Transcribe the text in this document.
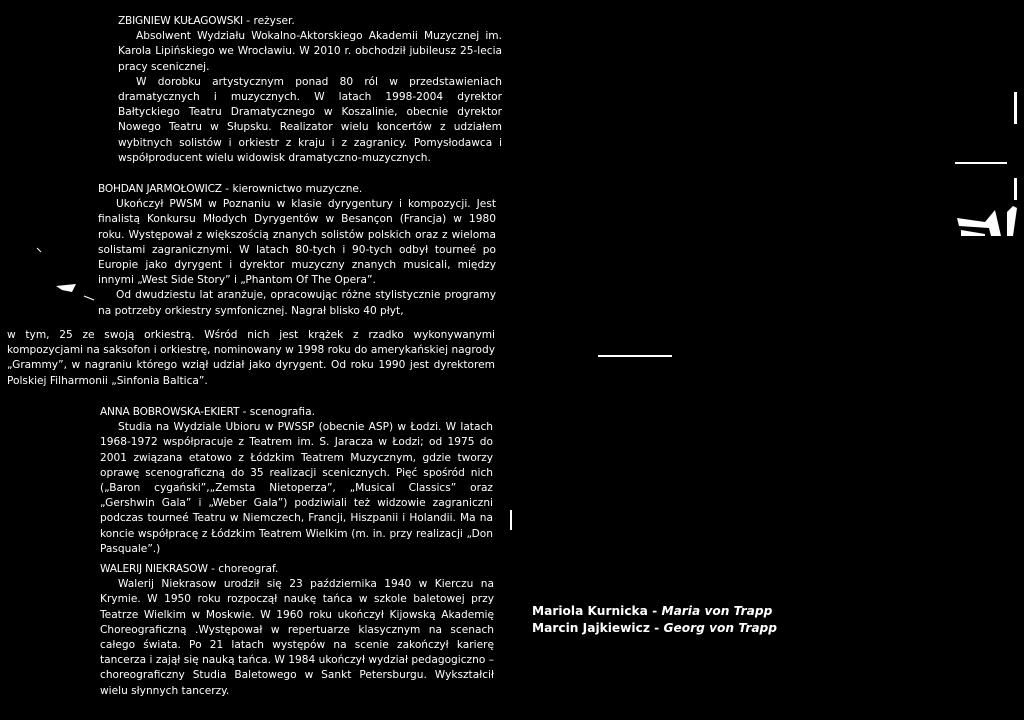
ZBIGNIEW KUŁAGOWSKI - reżyser.

Absolwent Wydziału Wokalno-Aktorskiego Akademii Muzycznej im. Karola Lipińskiego we Wrocławiu. W 2010 r. obchodził jubileusz 25-lecia pracy scenicznej.

W dorobku artystycznym ponad 80 ról w przedstawieniach dramatycznych i muzycznych. W latach 1998-2004 dyrektor Bałtyckiego Teatru Dramatycznego w Koszalinie, obecnie dyrektor Nowego Teatru w Słupsku. Realizator wielu koncertów z udziałem wybitnych solistów i orkiestr z kraju i z zagranicy. Pomysłodawca i współproducent wielu widowisk dramatyczno-muzycznych.

BOHDAN JARMOŁOWICZ - kierownictwo muzyczne.

Ukończył PWSM w Poznaniu w klasie dyrygentury i kompozycji. Jest finalistą Konkursu Młodych Dyrygentów w Besançon (Francja) w 1980 roku. Występował z większością znanych solistów polskich oraz z wieloma solistami zagranicznymi. W latach 80-tych i 90-tych odbył tourneé po Europie jako dyrygent i dyrektor muzyczny znanych musicali, między innymi „West Side Story” i „Phantom Of The Opera”.

Od dwudziestu lat aranżuje, opracowując różne stylistycznie programy na potrzeby orkiestry symfonicznej. Nagrał blisko 40 płyt,

w tym, 25 ze swoją orkiestrą. Wśród nich jest krążek z rzadko wykonywanymi kompozycjami na saksofon i orkiestrę, nominowany w 1998 roku do amerykańskiej nagrody „Grammy”, w nagraniu którego wziął udział jako dyrygent. Od roku 1990 jest dyrektorem Polskiej Filharmonii „Sinfonia Baltica”.

ANNA BOBROWSKA-EKIERT - scenografia.

Studia na Wydziale Ubioru w PWSSP (obecnie ASP) w Łodzi. W latach 1968-1972 współpracuje z Teatrem im. S. Jaracza w Łodzi; od 1975 do 2001 związana etatowo z Łódzkim Teatrem Muzycznym, gdzie tworzy oprawę scenograficzną do 35 realizacji scenicznych. Pięć spośród nich („Baron cygański”,„Zemsta Nietoperza”, „Musical Classics” oraz „Gershwin Gala” i „Weber Gala”) podziwiali też widzowie zagraniczni podczas tourneé Teatru w Niemczech, Francji, Hiszpanii i Holandii. Ma na koncie współpracę z Łódzkim Teatrem Wielkim (m. in. przy realizacji „Don Pasquale”.)

WALERIJ NIEKRASOW - choreograf.

Walerij Niekrasow urodził się 23 października 1940 w Kierczu na Krymie. W 1950 roku rozpoczął naukę tańca w szkole baletowej przy Teatrze Wielkim w Moskwie. W 1960 roku ukończył Kijowską Akademię Choreograficzną .Występował w repertuarze klasycznym na scenach całego świata. Po 21 latach występów na scenie zakończył karierę tancerza i zajął się nauką tańca. W 1984 ukończył wydział pedagogiczno – choreograficzny Studia Baletowego w Sankt Petersburgu. Wykształcił wielu słynnych tancerzy.

Mariola Kurnicka - Maria von Trapp
Marcin Jajkiewicz - Georg von Trapp
